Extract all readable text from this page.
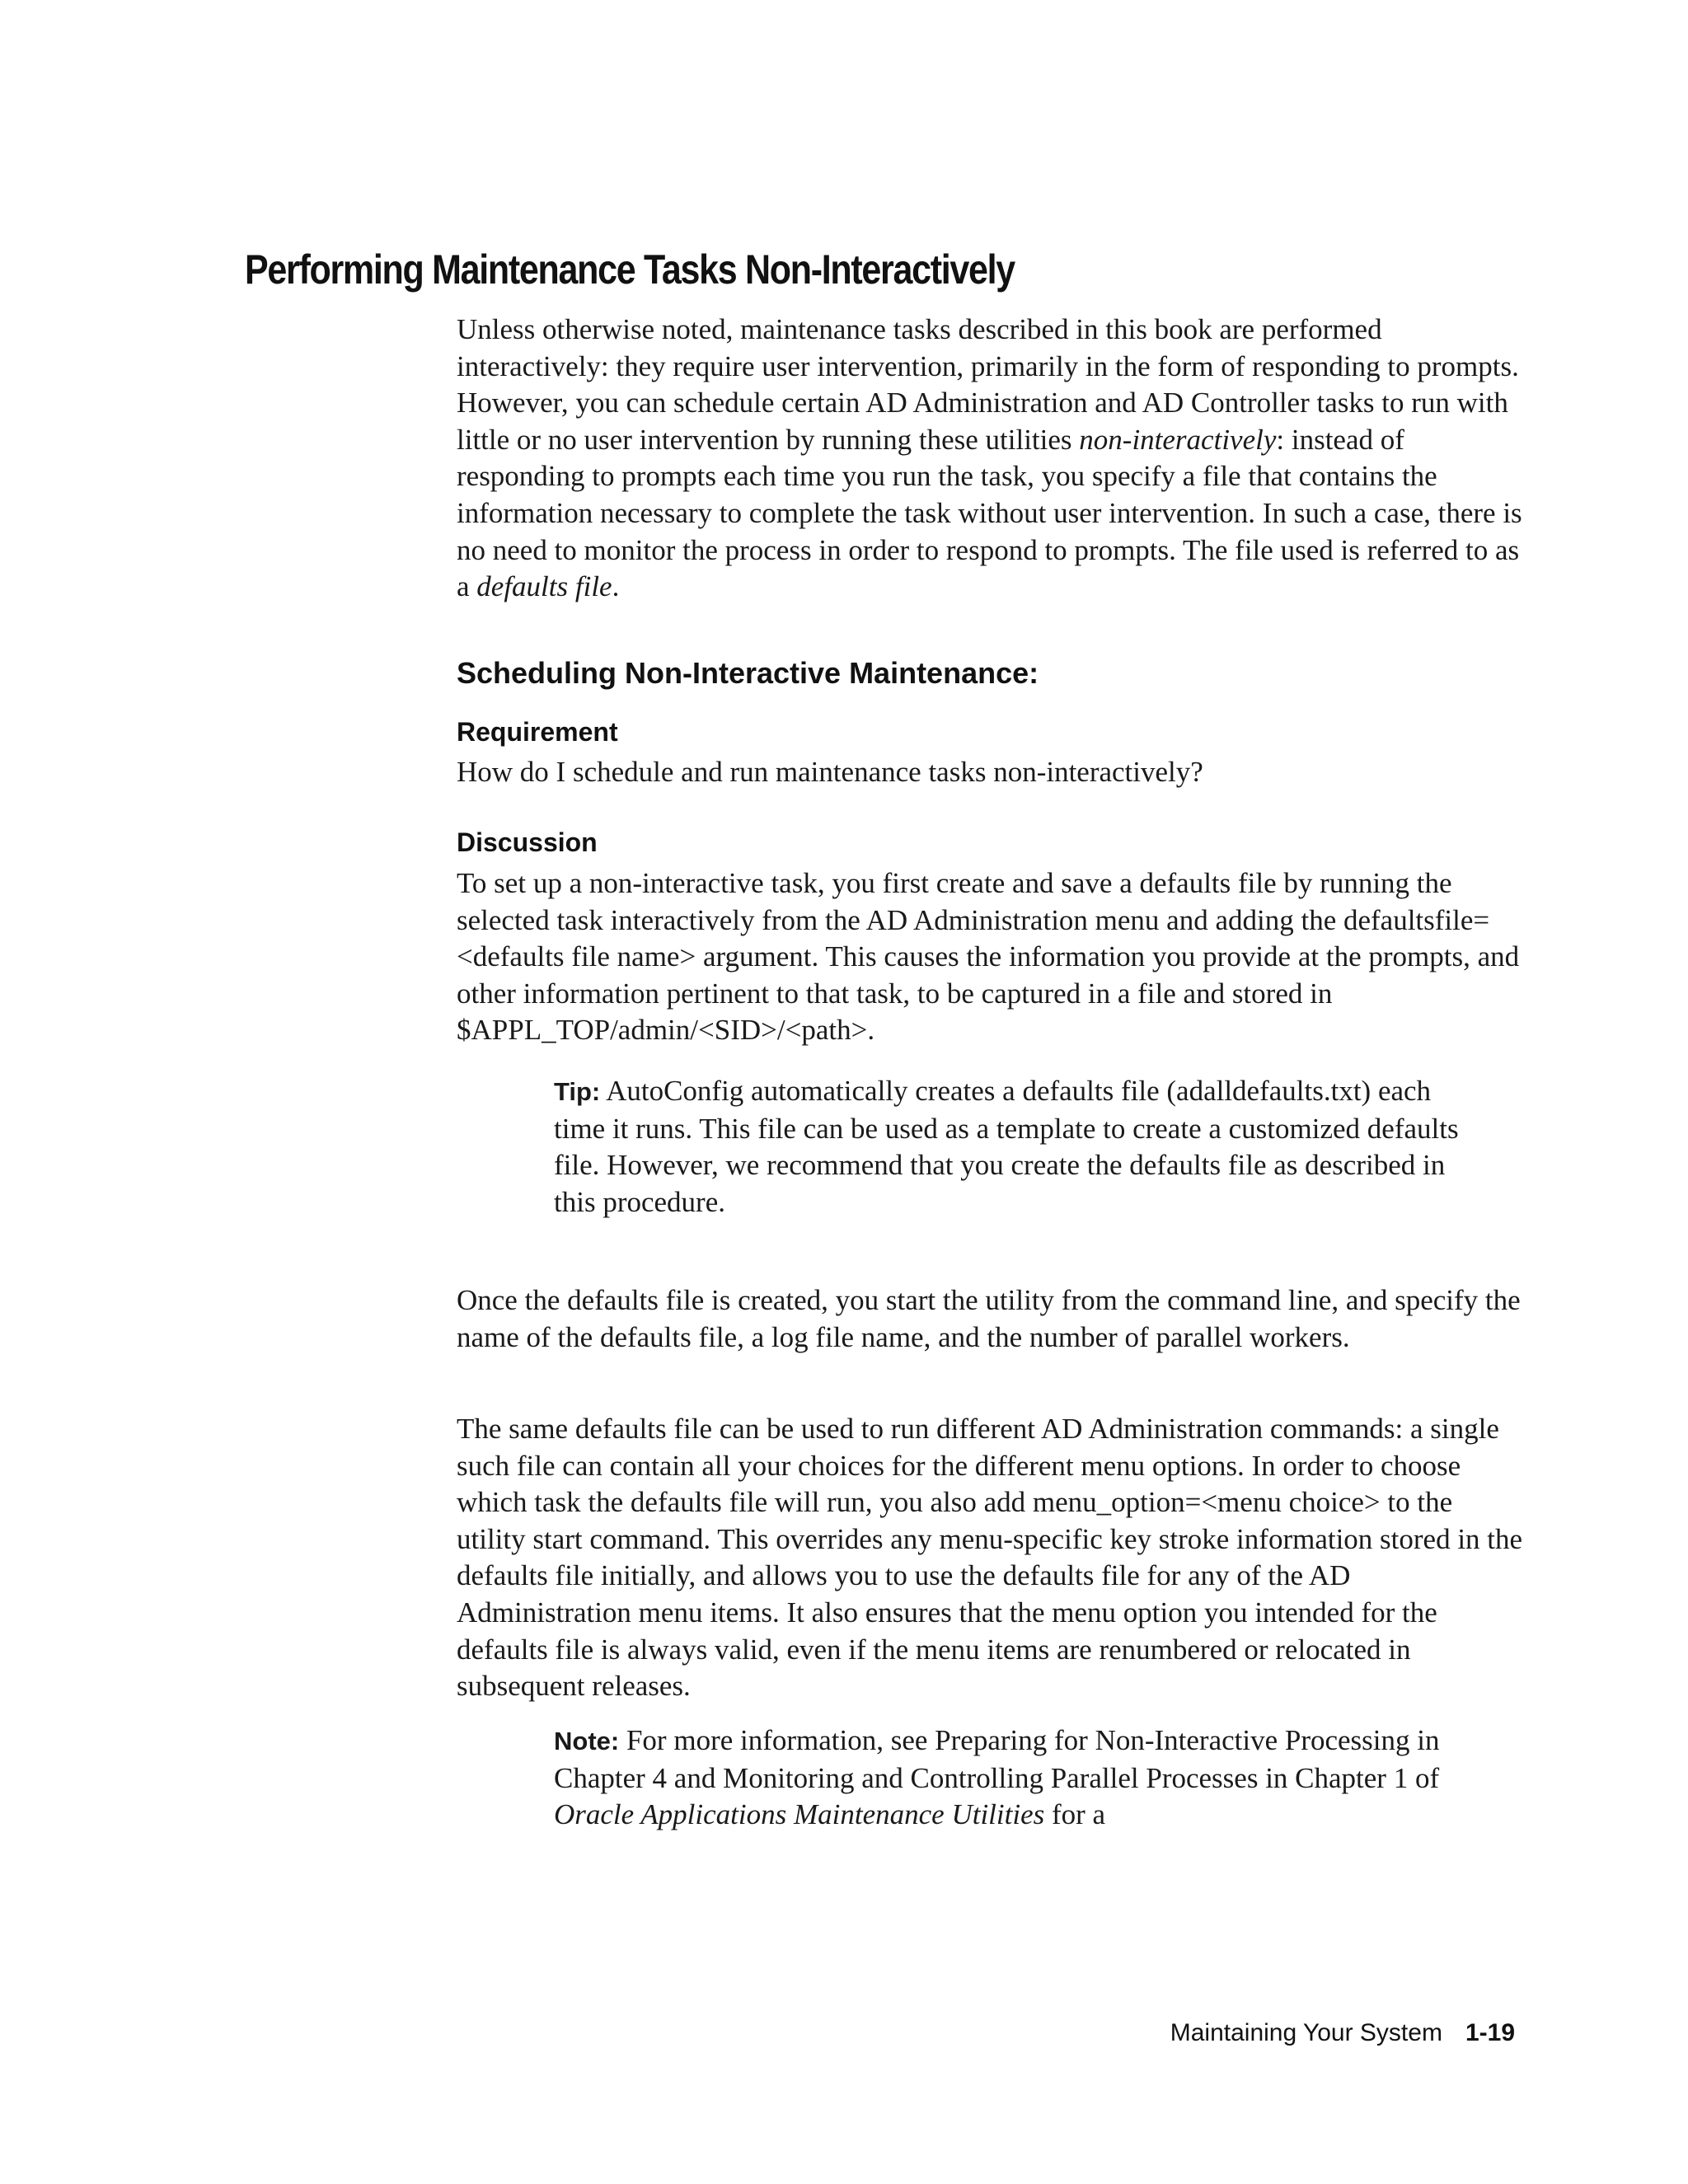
Performing Maintenance Tasks Non-Interactively

Unless otherwise noted, maintenance tasks described in this book are performed interactively: they require user intervention, primarily in the form of responding to prompts. However, you can schedule certain AD Administration and AD Controller tasks to run with little or no user intervention by running these utilities non-interactively: instead of responding to prompts each time you run the task, you specify a file that contains the information necessary to complete the task without user intervention. In such a case, there is no need to monitor the process in order to respond to prompts. The file used is referred to as a defaults file.

Scheduling Non-Interactive Maintenance:
Requirement

How do I schedule and run maintenance tasks non-interactively?

Discussion

To set up a non-interactive task, you first create and save a defaults file by running the selected task interactively from the AD Administration menu and adding the defaultsfile=<defaults file name> argument. This causes the information you provide at the prompts, and other information pertinent to that task, to be captured in a file and stored in $APPL_TOP/admin/<SID>/<path>.

Tip: AutoConfig automatically creates a defaults file (adalldefaults.txt) each time it runs. This file can be used as a template to create a customized defaults file. However, we recommend that you create the defaults file as described in this procedure.

Once the defaults file is created, you start the utility from the command line, and specify the name of the defaults file, a log file name, and the number of parallel workers.

The same defaults file can be used to run different AD Administration commands: a single such file can contain all your choices for the different menu options. In order to choose which task the defaults file will run, you also add menu_option=<menu choice> to the utility start command. This overrides any menu-specific key stroke information stored in the defaults file initially, and allows you to use the defaults file for any of the AD Administration menu items. It also ensures that the menu option you intended for the defaults file is always valid, even if the menu items are renumbered or relocated in subsequent releases.

Note: For more information, see Preparing for Non-Interactive Processing in Chapter 4 and Monitoring and Controlling Parallel Processes in Chapter 1 of Oracle Applications Maintenance Utilities for a

Maintaining Your System 1-19
